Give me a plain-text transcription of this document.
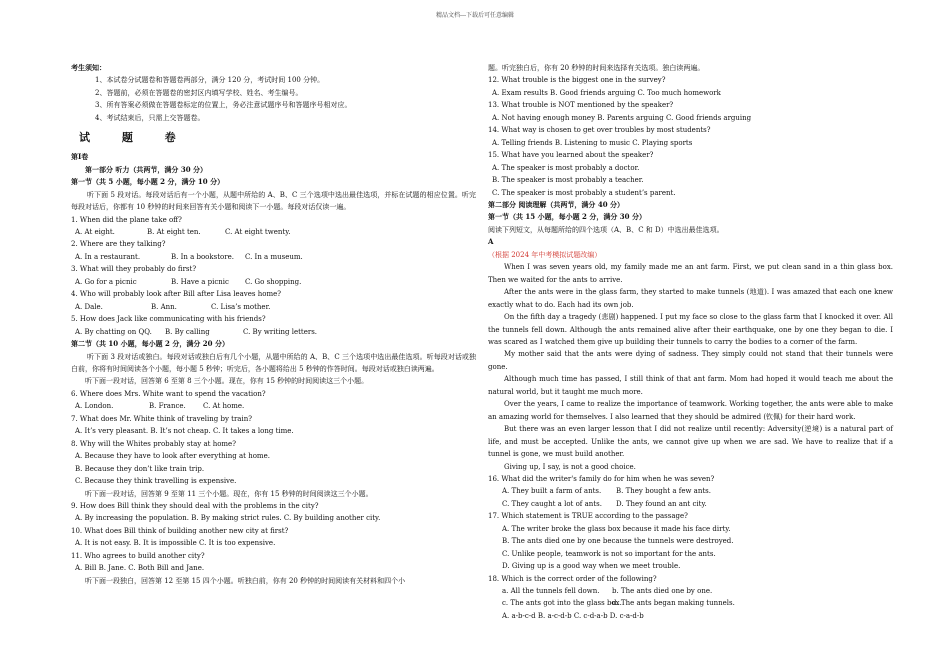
精品文档---下载后可任意编辑
考生须知：
1、本试卷分试题卷和答题卷两部分，满分 120 分，考试时间 100 分钟。
2、答题前，必须在答题卷的密封区内填写学校、姓名、考生编号。
3、所有答案必须做在答题卷标定的位置上，务必注意试题序号和答题序号相对应。
4、考试结束后，只需上交答题卷。
试 题 卷
第Ⅰ卷
第一部分 听力（共两节，满分 30 分）
第一节（共 5 小题，每小题 2 分，满分 10 分）
听下面 5 段对话。每段对话后有一个小题，从题中所给的 A、B、C 三个选项中选出最佳选项，并标在试题的相应位置。听完每段对话后，你都有 10 秒钟的时间来回答有关小题和阅读下一小题。每段对话仅读一遍。
1. When did the plane take off?
A. At eight.	B. At eight ten.	C. At eight twenty.
2. Where are they talking?
A. In a restaurant.	B. In a bookstore. C. In a museum.
3. What will they probably do first?
A. Go for a picnic	B. Have a picnic C. Go shopping.
4. Who will probably look after Bill after Lisa leaves home?
A. Dale.	B. Ann.	C. Lisa’s mother.
5. How does Jack like communicating with his friends?
A. By chatting on QQ. B. By calling	C. By writing letters.
第二节（共 10 小题，每小题 2 分，满分 20 分）
听下面 3 段对话或独白。每段对话或独白后有几个小题，从题中所给的 A、B、C 三个选项中选出最佳选项。听每段对话或独白前，你将有时间阅读各个小题，每小题 5 秒钟；听完后，各小题将给出 5 秒钟的作答时间。每段对话或独白读两遍。
听下面一段对话，回答第 6 至第 8 三个小题。现在，你有 15 秒钟的时间阅读这三个小题。
6. Where does Mrs. White want to spend the vacation?
A. London.	B. France. C. At home.
7. What does Mr. White think of traveling by train?
A. It’s very pleasant. B. It’s not cheap. C. It takes a long time.
8. Why will the Whites probably stay at home?
A. Because they have to look after everything at home.
B. Because they don’t like train trip.
C. Because they think travelling is expensive.
听下面一段对话，回答第 9 至第 11 三个小题。现在，你有 15 秒钟的时间阅读这三个小题。
9. How does Bill think they should deal with the problems in the city?
A. By increasing the population. B. By making strict rules. C. By building another city.
10. What does Bill think of building another new city at first?
A. It is not easy. B. It is impossible C. It is too expensive.
11. Who agrees to build another city?
A. Bill B. Jane. C. Both Bill and Jane.
听下面一段独白，回答第 12 至第 15 四个小题。听独白前，你有 20 秒钟的时间阅读有关材料和四个小
题。听完独白后，你有 20 秒钟的时间来选择有关选项。独白读两遍。
12. What trouble is the biggest one in the survey?
A. Exam results B. Good friends arguing C. Too much homework
13. What trouble is NOT mentioned by the speaker?
A. Not having enough money B. Parents arguing C. Good friends arguing
14. What way is chosen to get over troubles by most students?
A. Telling friends B. Listening to music C. Playing sports
15. What have you learned about the speaker?
A. The speaker is most probably a doctor.
B. The speaker is most probably a teacher.
C. The speaker is most probably a student’s parent.
第二部分 阅读理解（共两节，满分 40 分）
第一节（共 15 小题，每小题 2 分，满分 30 分）
阅读下列短文，从每题所给的四个选项（A、B、C 和 D）中选出最佳选项。
A
（根据 2024 年中考模拟试题改编）
When I was seven years old, my family made me an ant farm. First, we put clean sand in a thin glass box. Then we waited for the ants to arrive.
After the ants were in the glass farm, they started to make tunnels (地道). I was amazed that each one knew exactly what to do. Each had its own job.
On the fifth day a tragedy (悲剧) happened. I put my face so close to the glass farm that I knocked it over. All the tunnels fell down. Although the ants remained alive after their earthquake, one by one they began to die. I was scared as I watched them give up building their tunnels to carry the bodies to a corner of the farm.
My mother said that the ants were dying of sadness. They simply could not stand that their tunnels were gone.
Although much time has passed, I still think of that ant farm. Mom had hoped it would teach me about the natural world, but it taught me much more.
Over the years, I came to realize the importance of teamwork. Working together, the ants were able to make an amazing world for themselves. I also learned that they should be admired (钦佩) for their hard work.
But there was an even larger lesson that I did not realize until recently: Adversity(逆境) is a natural part of life, and must be accepted. Unlike the ants, we cannot give up when we are sad. We have to realize that if a tunnel is gone, we must build another.
Giving up, I say, is not a good choice.
16. What did the writer's family do for him when he was seven?
A. They built a farm of ants. B. They bought a few ants.
C. They caught a lot of ants. D. They found an ant city.
17. Which statement is TRUE according to the passage?
A. The writer broke the glass box because it made his face dirty.
B. The ants died one by one because the tunnels were destroyed.
C. Unlike people, teamwork is not so important for the ants.
D. Giving up is a good way when we meet trouble.
18. Which is the correct order of the following?
a. All the tunnels fell down. b. The ants died one by one.
c. The ants got into the glass box.d. The ants began making tunnels.
A. a-b-c-d B. a-c-d-b C. c-d-a-b D. c-a-d-b
